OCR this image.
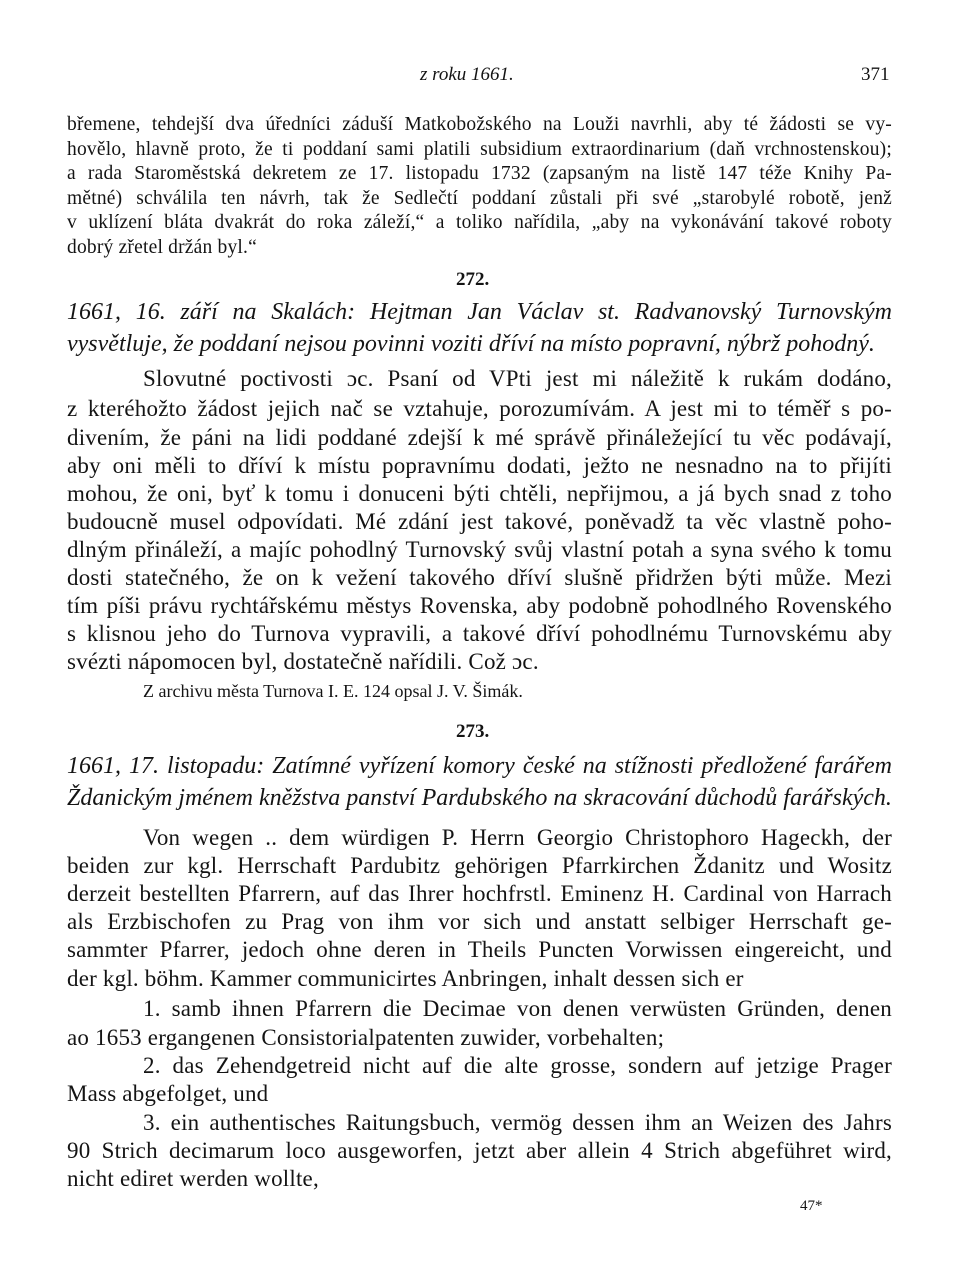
z roku 1661.	371
břemene, tehdejší dva úředníci záduší Matkobožského na Louži navrhli, aby té žádosti se vy-
hovělo, hlavně proto, že ti poddaní sami platili subsidium extraordinarium (daň vrchnostenskou);
a rada Staroměstská dekretem ze 17. listopadu 1732 (zapsaným na listě 147 téže Knihy Pa-
mětné) schválila ten návrh, tak že Sedlečtí poddaní zůstali při své „starobylé robotě, jenž
v uklízení bláta dvakrát do roka záleží,“ a toliko nařídila, „aby na vykonávání takové roboty
dobrý zřetel držán byl.“
272.
1661, 16. září na Skalách: Hejtman Jan Václav st. Radvanovský Turnovským
vysvětluje, že poddaní nejsou povinni voziti dříví na místo popravní, nýbrž pohodný.
Slovutné poctivosti ɔc. Psaní od VPti jest mi náležitě k rukám dodáno,
z kteréhožto žádost jejich nač se vztahuje, porozumívám. A jest mi to téměř s po-
divením, že páni na lidi poddané zdejší k mé správě přináležející tu věc podávají,
aby oni měli to dříví k místu popravnímu dodati, ježto ne nesnadno na to přijíti
mohou, že oni, byť k tomu i donuceni býti chtěli, nepřijmou, a já bych snad z toho
budoucně musel odpovídati. Mé zdání jest takové, poněvadž ta věc vlastně poho-
dlným přináleží, a majíc pohodlný Turnovský svůj vlastní potah a syna svého k tomu
dosti statečného, že on k vežení takového dříví slušně přidržen býti může. Mezi
tím píši právu rychtářskému městys Rovenska, aby podobně pohodlného Rovenského
s klisnou jeho do Turnova vypravili, a takové dříví pohodlnému Turnovskému aby
svézti nápomocen byl, dostatečně nařídili. Což ɔc.
Z archivu města Turnova I. E. 124 opsal J. V. Šimák.
273.
1661, 17. listopadu: Zatímné vyřízení komory české na stížnosti předložené farářem
Ždanickým jménem kněžstva panství Pardubského na skracování důchodů farářských.
Von wegen .. dem würdigen P. Herrn Georgio Christophoro Hageckh, der
beiden zur kgl. Herrschaft Pardubitz gehörigen Pfarrkirchen Ždanitz und Wositz
derzeit bestellten Pfarrern, auf das Ihrer hochfrstl. Eminenz H. Cardinal von Harrach
als Erzbischofen zu Prag von ihm vor sich und anstatt selbiger Herrschaft ge-
sammter Pfarrer, jedoch ohne deren in Theils Puncten Vorwissen eingereicht, und
der kgl. böhm. Kammer communicirtes Anbringen, inhalt dessen sich er
1. samb ihnen Pfarrern die Decimae von denen verwüsten Gründen, denen
ao 1653 ergangenen Consistorialpatenten zuwider, vorbehalten;
2. das Zehendgetreid nicht auf die alte grosse, sondern auf jetzige Prager
Mass abgefolget, und
3. ein authentisches Raitungsbuch, vermög dessen ihm an Weizen des Jahrs
90 Strich decimarum loco ausgeworfen, jetzt aber allein 4 Strich abgeführet wird,
nicht ediret werden wollte,
47*
